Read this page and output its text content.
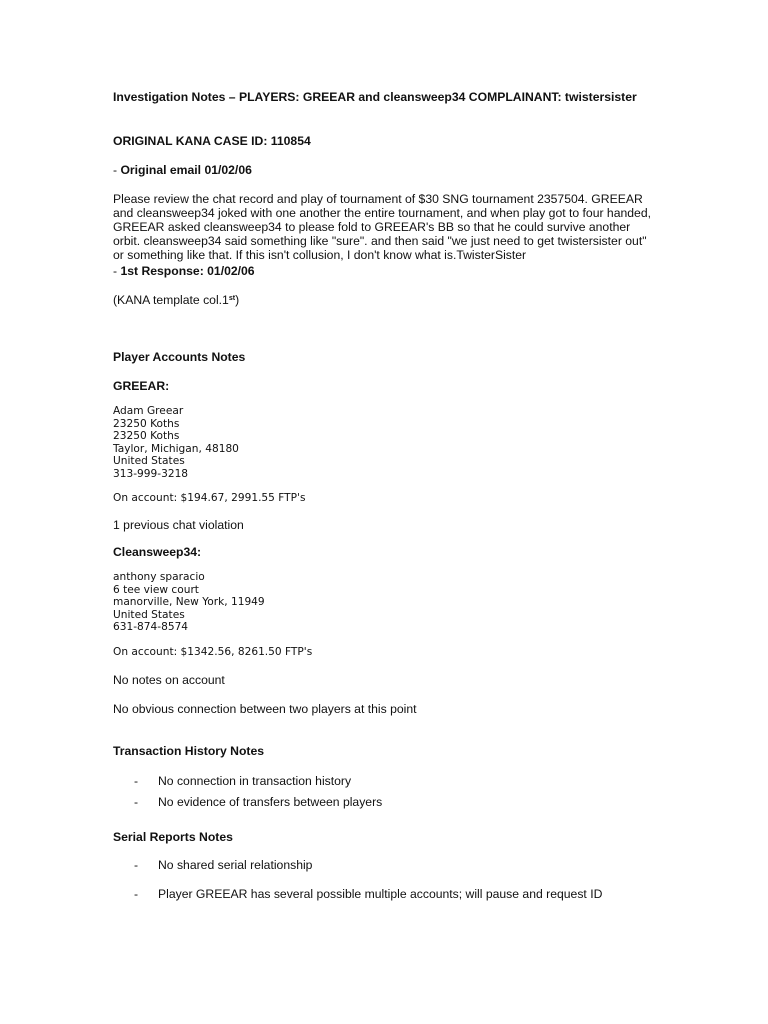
Investigation Notes – PLAYERS: GREEAR and cleansweep34 COMPLAINANT: twistersister
ORIGINAL KANA CASE ID: 110854
- Original email 01/02/06
Please review the chat record and play of tournament of $30 SNG tournament 2357504. GREEAR and cleansweep34 joked with one another the entire tournament, and when play got to four handed, GREEAR asked cleansweep34 to please fold to GREEAR's BB so that he could survive another orbit. cleansweep34 said something like "sure". and then said "we just need to get twistersister out" or something like that. If this isn't collusion, I don't know what is.TwisterSister
- 1st Response: 01/02/06
(KANA template col.1st)
Player Accounts Notes
GREEAR:
Adam Greear
23250 Koths
23250 Koths
Taylor, Michigan, 48180
United States
313-999-3218
On account: $194.67, 2991.55 FTP's
1 previous chat violation
Cleansweep34:
anthony sparacio
6 tee view court
manorville, New York, 11949
United States
631-874-8574
On account: $1342.56, 8261.50 FTP's
No notes on account
No obvious connection between two players at this point
Transaction History Notes
- No connection in transaction history
- No evidence of transfers between players
Serial Reports Notes
- No shared serial relationship
- Player GREEAR has several possible multiple accounts; will pause and request ID
